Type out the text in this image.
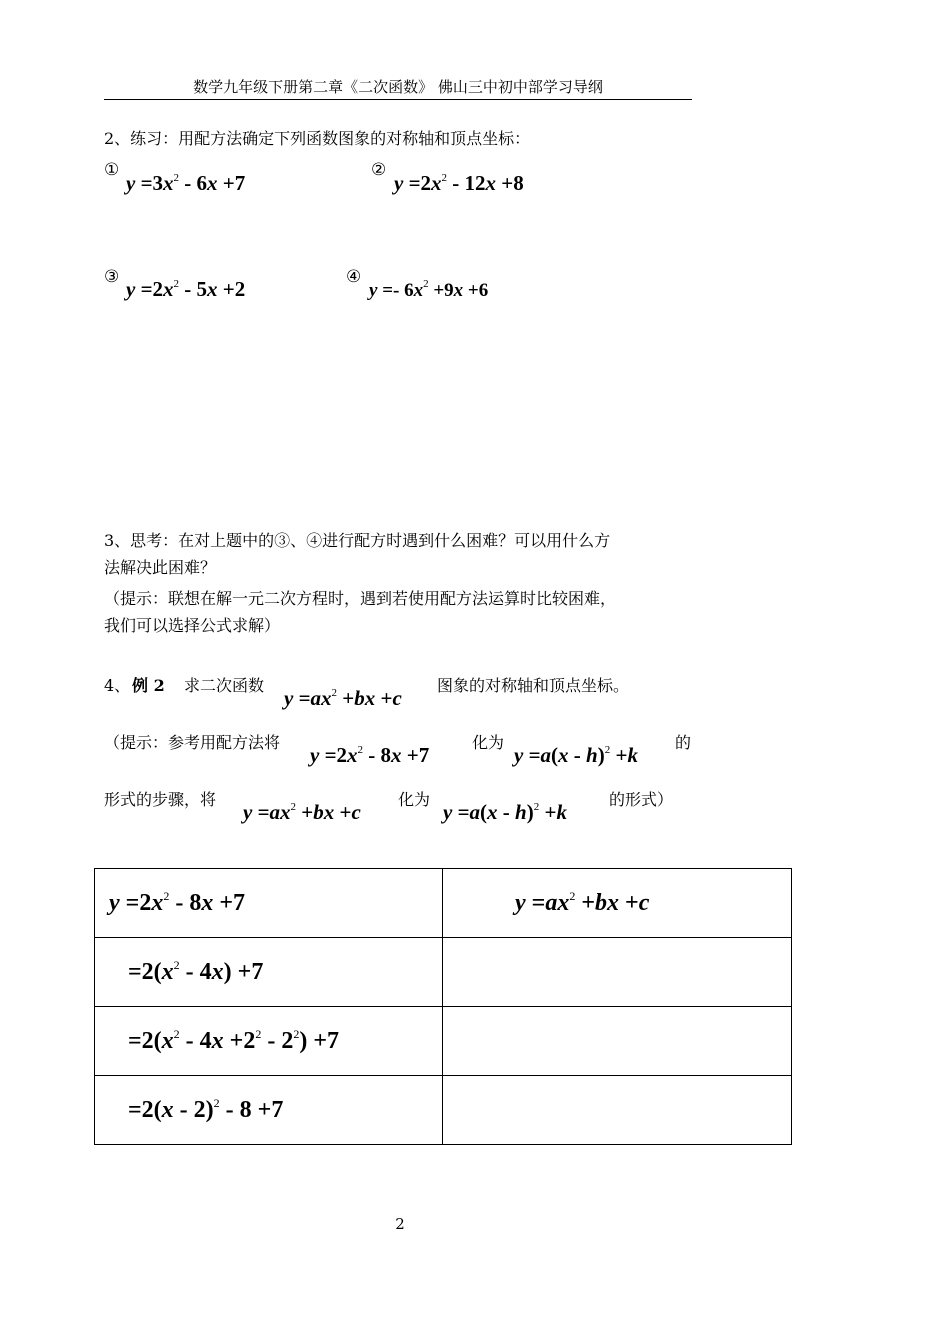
数学九年级下册第二章《二次函数》 佛山三中初中部学习导纲
2、练习：用配方法确定下列函数图象的对称轴和顶点坐标：
①
$y =3x^2 - 6x +7$
②
$y =2x^2 - 12x +8$
③ $y =2x^2 - 5x +2$	④
$y =- 6x^2 +9x +6$
3、思考：在对上题中的③、④进行配方时遇到什么困难？可以用什么方
法解决此困难？
（提示：联想在解一元二次方程时，遇到若使用配方法运算时比较困难，
我们可以选择公式求解）
4、 例 2 求二次函数
$y =ax^2 +bx +c$
图象的对称轴和顶点坐标。
（提示：参考用配方法将
$y =2x^2 - 8x +7$
化为
y =a(x - h)$^2$ +k
的
形式的步骤，将
$y =ax^2 +bx +c$
化为
y =a(x - h)$^2$ +k
的形式）
$y =2x^2 - 8x +7$	$y =ax^2 +bx +c$
$=2(x^2 - 4x) +7$	
$=2(x^2 - 4x +2^2 - 2^2) +7$	
=2(x - 2)$^2$ - 8 +7	
2
